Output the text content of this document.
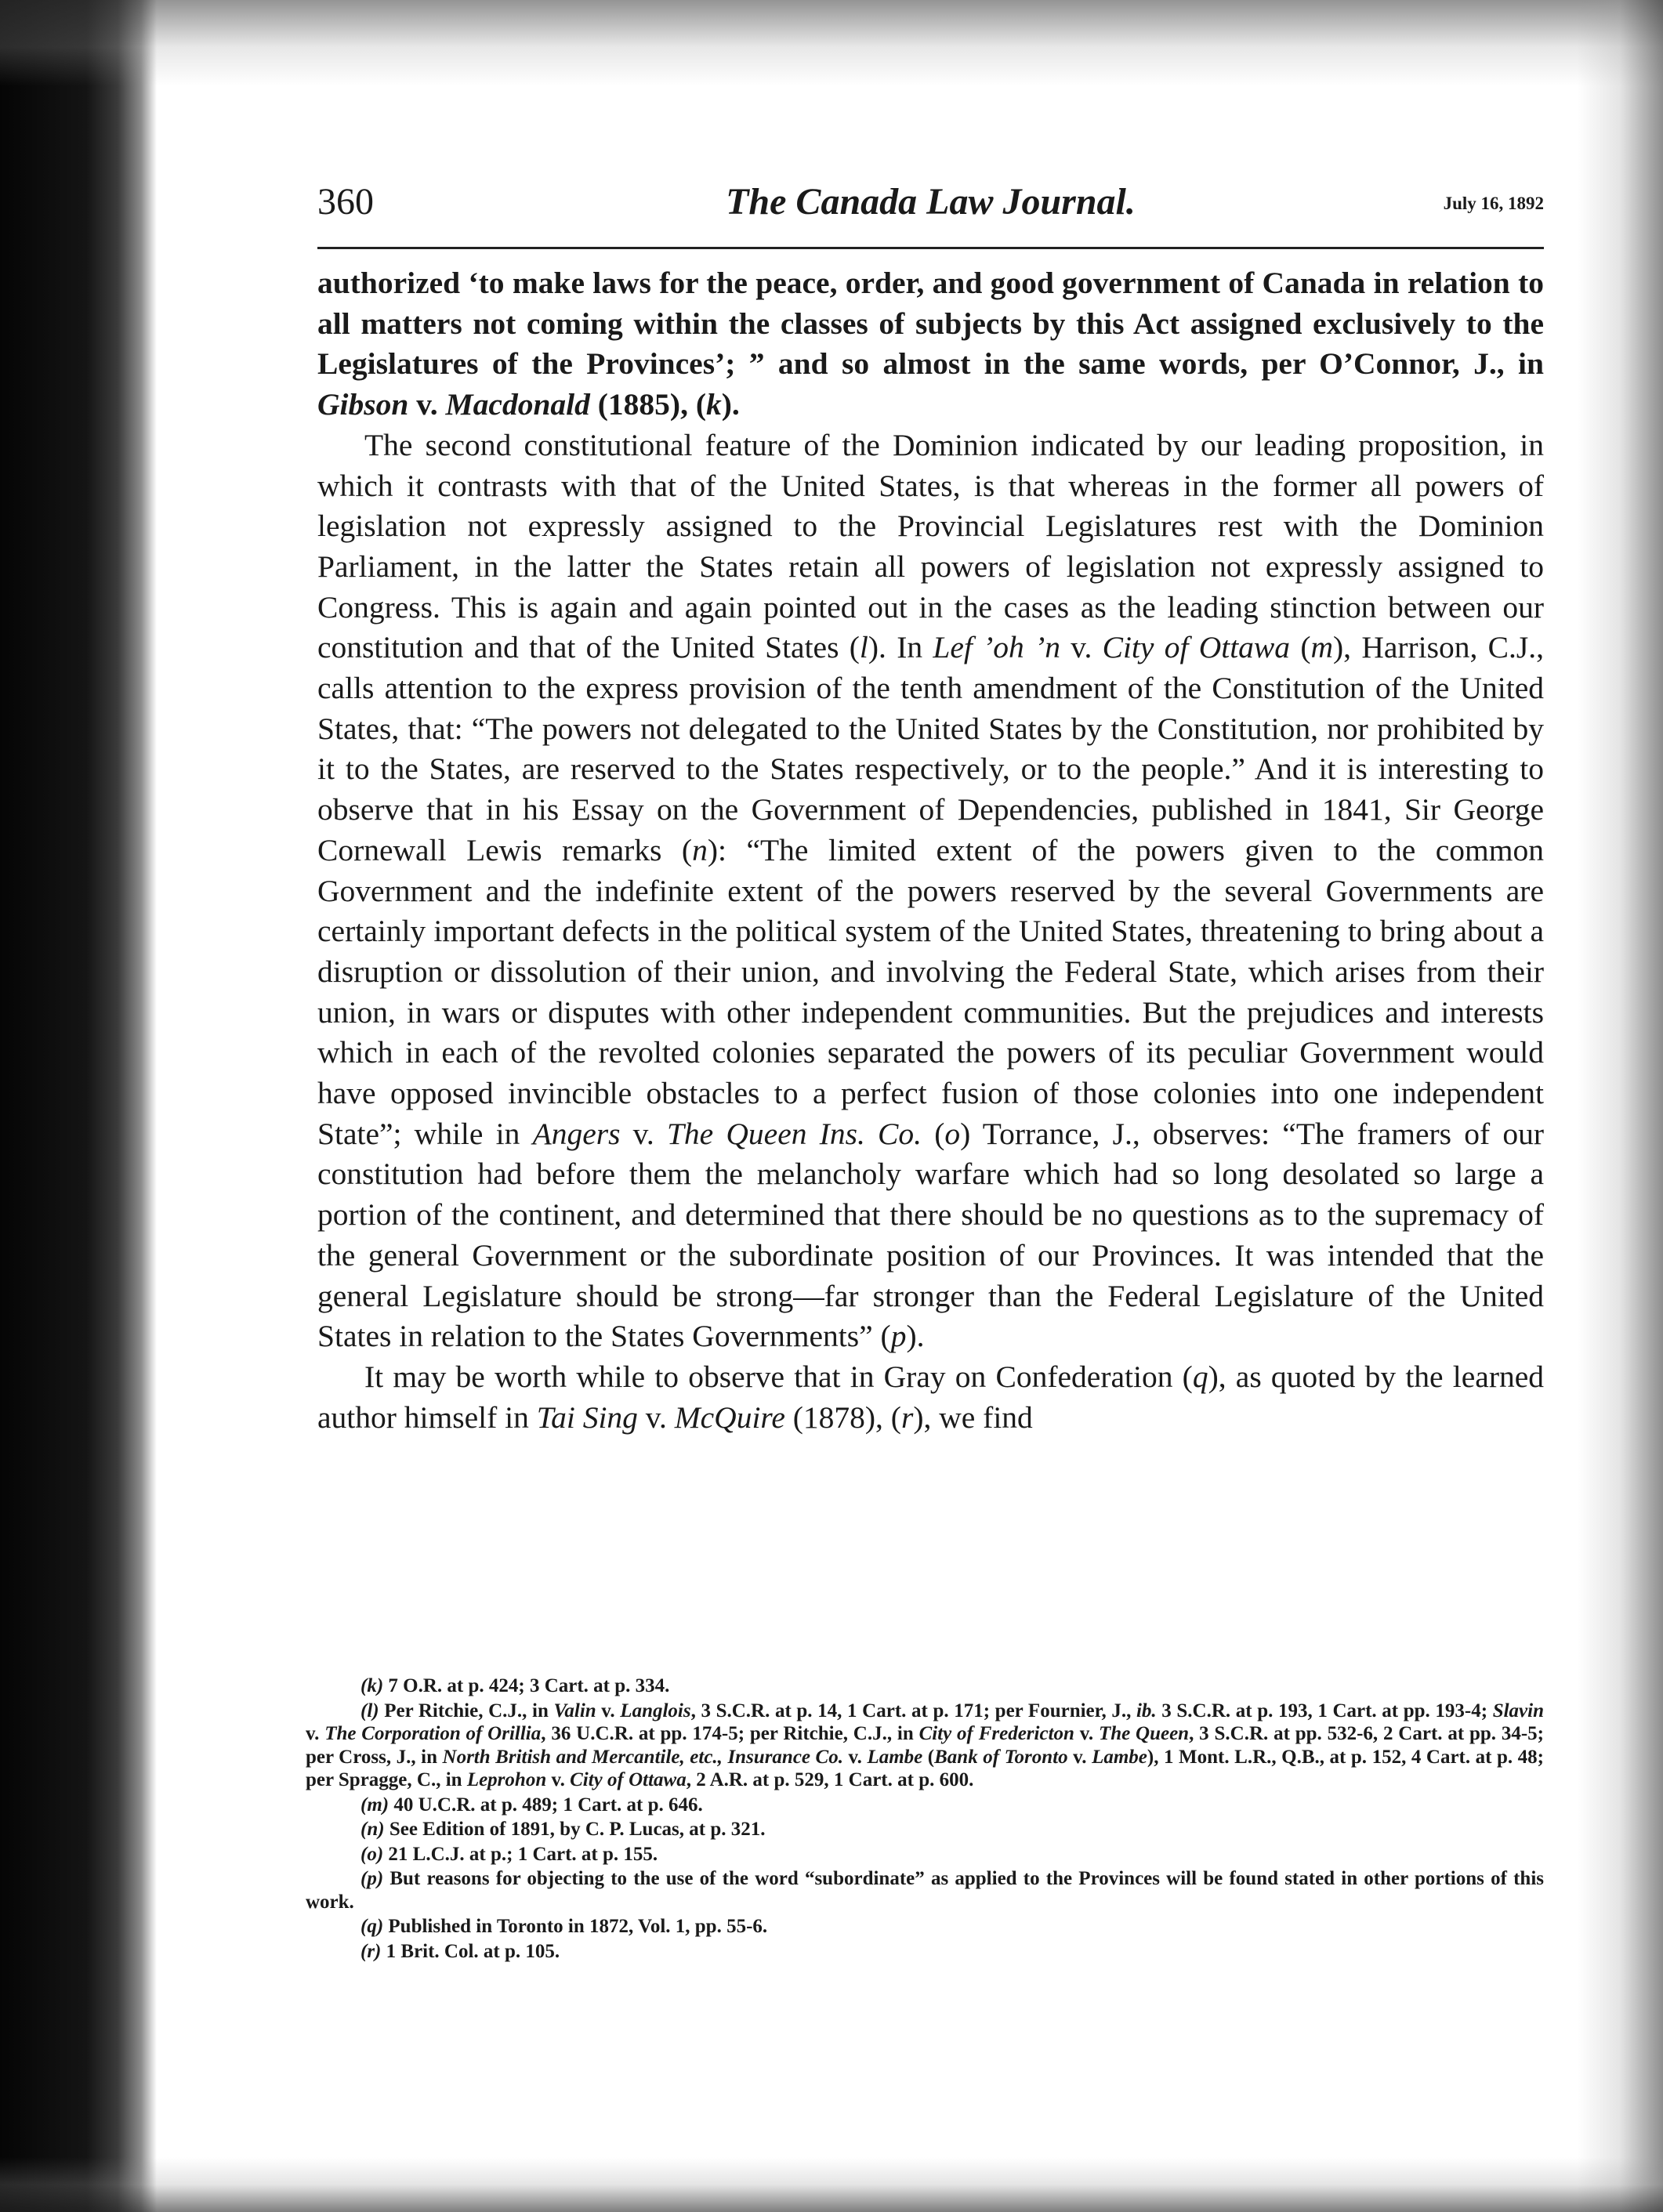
360	The Canada Law Journal.	July 16, 1892

authorized ‘to make laws for the peace, order, and good government of Canada in relation to all matters not coming within the classes of subjects by this Act assigned exclusively to the Legislatures of the Provinces’; ” and so almost in the same words, per O’Connor, J., in Gibson v. Macdonald (1885), (k).

The second constitutional feature of the Dominion indicated by our leading proposition, in which it contrasts with that of the United States, is that whereas in the former all powers of legislation not expressly assigned to the Provincial Legislatures rest with the Dominion Parliament, in the latter the States retain all powers of legislation not expressly assigned to Congress. This is again and again pointed out in the cases as the leading stinction between our constitution and that of the United States (l). In Lef ’oh ’n v. City of Ottawa (m), Harrison, C.J., calls attention to the express provision of the tenth amendment of the Constitution of the United States, that: “The powers not delegated to the United States by the Constitution, nor prohibited by it to the States, are reserved to the States respectively, or to the people.” And it is interesting to observe that in his Essay on the Government of Dependencies, published in 1841, Sir George Cornewall Lewis remarks (n): “The limited extent of the powers given to the common Government and the indefinite extent of the powers reserved by the several Governments are certainly important defects in the political system of the United States, threatening to bring about a disruption or dissolution of their union, and involving the Federal State, which arises from their union, in wars or disputes with other independent communities. But the prejudices and interests which in each of the revolted colonies separated the powers of its peculiar Government would have opposed invincible obstacles to a perfect fusion of those colonies into one independent State”; while in Angers v. The Queen Ins. Co. (o) Torrance, J., observes: “The framers of our constitution had before them the melancholy warfare which had so long desolated so large a portion of the continent, and determined that there should be no questions as to the supremacy of the general Government or the subordinate position of our Provinces. It was intended that the general Legislature should be strong—far stronger than the Federal Legislature of the United States in relation to the States Governments” (p).

It may be worth while to observe that in Gray on Confederation (q), as quoted by the learned author himself in Tai Sing v. McQuire (1878), (r), we find

(k) 7 O.R. at p. 424; 3 Cart. at p. 334.

(l) Per Ritchie, C.J., in Valin v. Langlois, 3 S.C.R. at p. 14, 1 Cart. at p. 171; per Fournier, J., ib. 3 S.C.R. at p. 193, 1 Cart. at pp. 193-4; Slavin v. The Corporation of Orillia, 36 U.C.R. at pp. 174-5; per Ritchie, C.J., in City of Fredericton v. The Queen, 3 S.C.R. at pp. 532-6, 2 Cart. at pp. 34-5; per Cross, J., in North British and Mercantile, etc., Insurance Co. v. Lambe (Bank of Toronto v. Lambe), 1 Mont. L.R., Q.B., at p. 152, 4 Cart. at p. 48; per Spragge, C., in Leprohon v. City of Ottawa, 2 A.R. at p. 529, 1 Cart. at p. 600.

(m) 40 U.C.R. at p. 489; 1 Cart. at p. 646.

(n) See Edition of 1891, by C. P. Lucas, at p. 321.

(o) 21 L.C.J. at p.; 1 Cart. at p. 155.

(p) But reasons for objecting to the use of the word “subordinate” as applied to the Provinces will be found stated in other portions of this work.

(q) Published in Toronto in 1872, Vol. 1, pp. 55-6.

(r) 1 Brit. Col. at p. 105.
